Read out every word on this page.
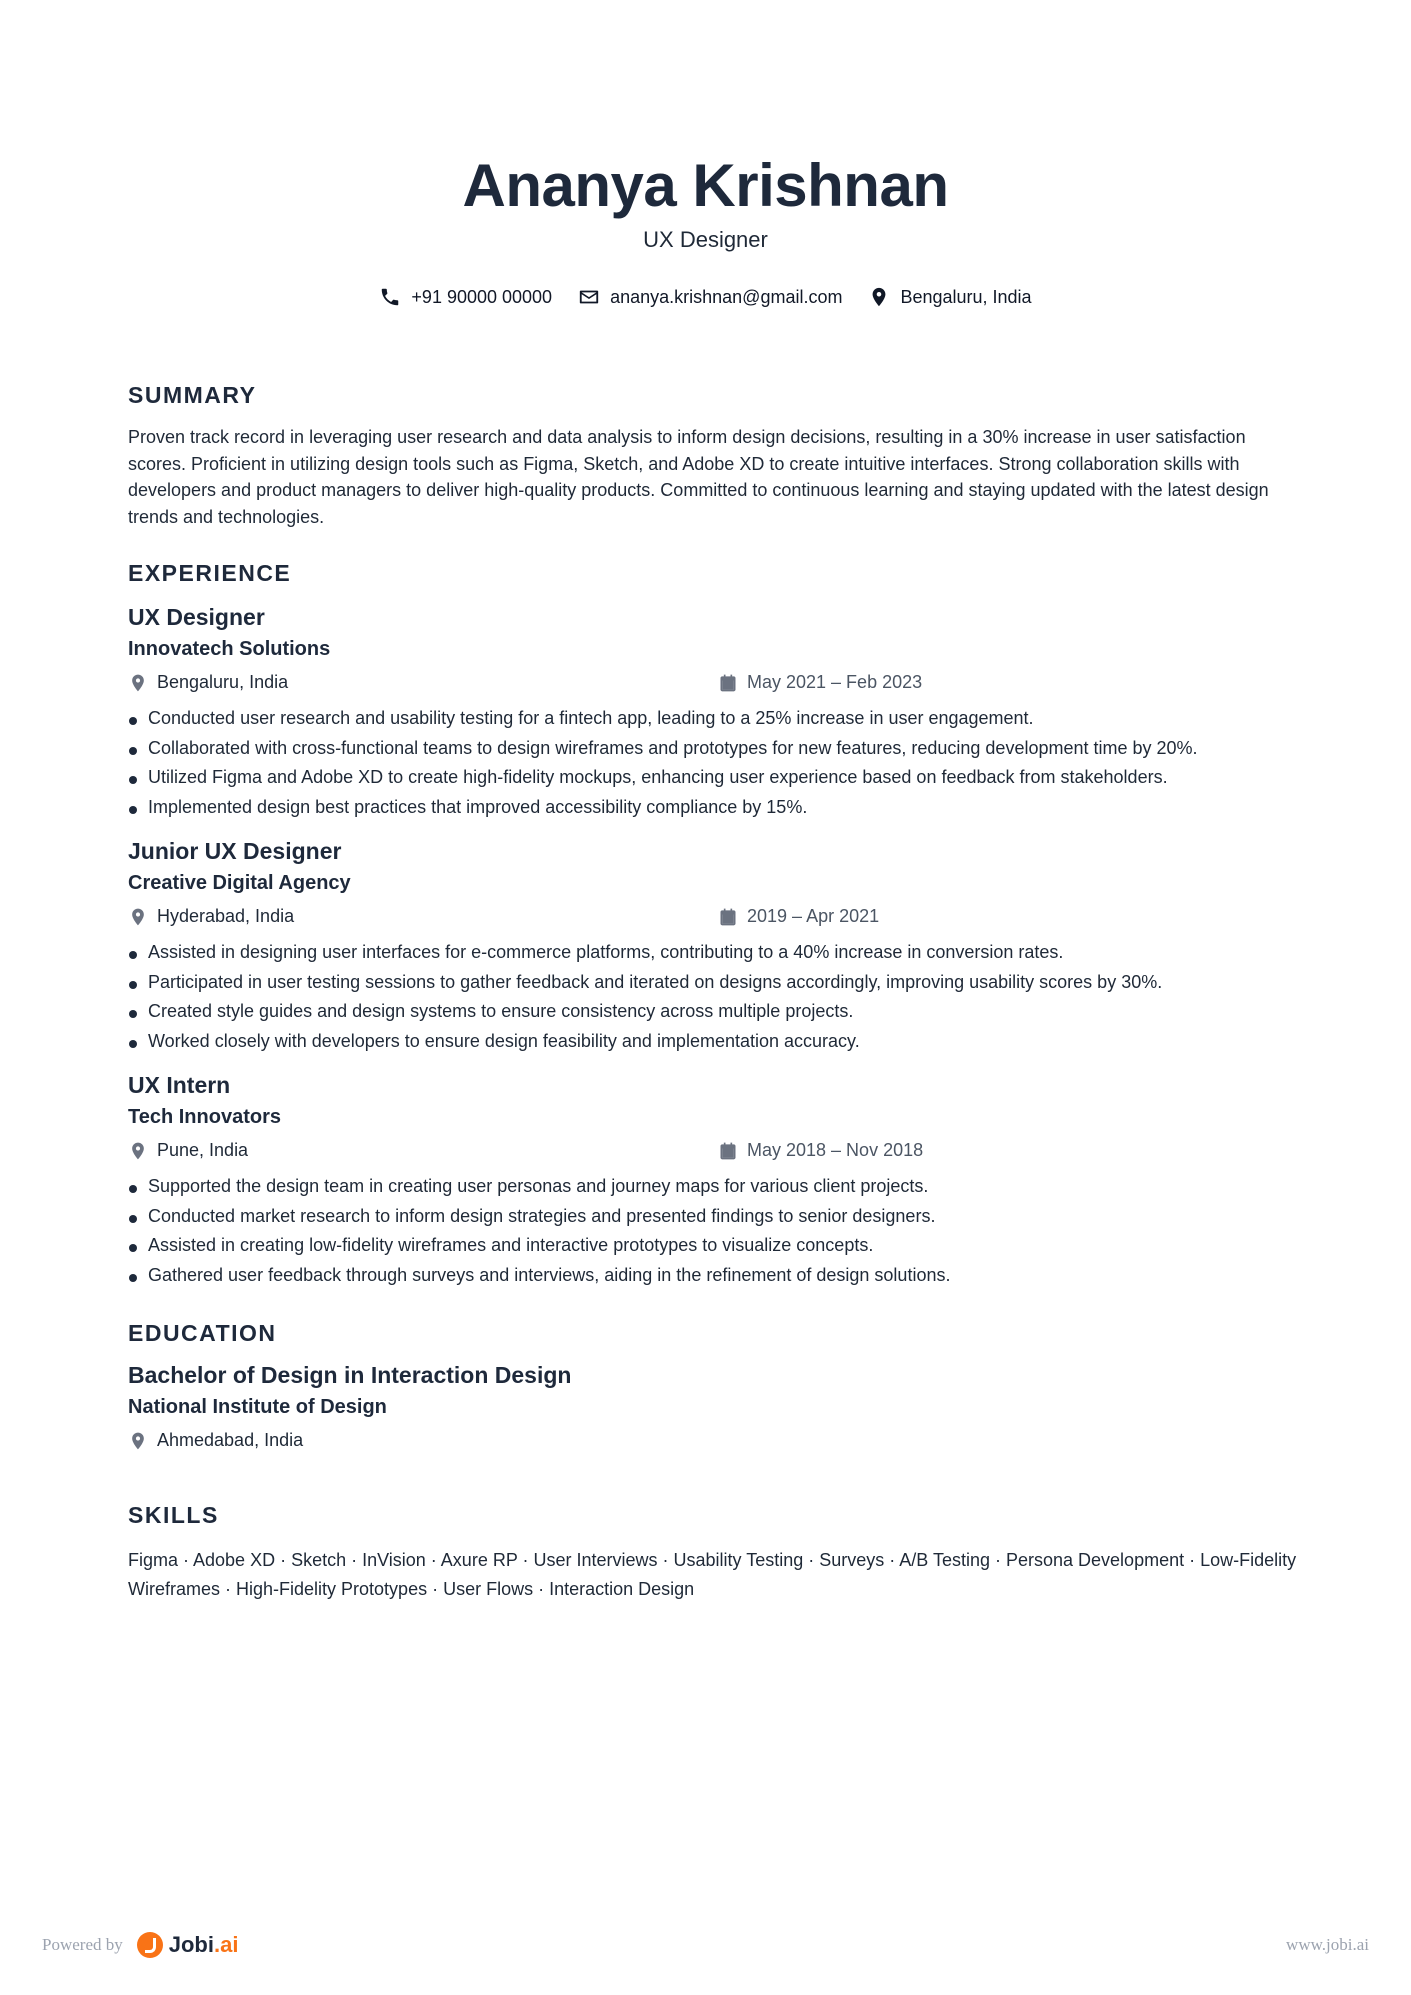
Ananya Krishnan
UX Designer
+91 90000 00000	ananya.krishnan@gmail.com	Bengaluru, India
SUMMARY

Proven track record in leveraging user research and data analysis to inform design decisions, resulting in a 30% increase in user satisfaction scores. Proficient in utilizing design tools such as Figma, Sketch, and Adobe XD to create intuitive interfaces. Strong collaboration skills with developers and product managers to deliver high-quality products. Committed to continuous learning and staying updated with the latest design trends and technologies.

EXPERIENCE
UX Designer
Innovatech Solutions
Bengaluru, India	May 2021 – Feb 2023
Conducted user research and usability testing for a fintech app, leading to a 25% increase in user engagement.
Collaborated with cross-functional teams to design wireframes and prototypes for new features, reducing development time by 20%.
Utilized Figma and Adobe XD to create high-fidelity mockups, enhancing user experience based on feedback from stakeholders.
Implemented design best practices that improved accessibility compliance by 15%.
Junior UX Designer
Creative Digital Agency
Hyderabad, India	2019 – Apr 2021
Assisted in designing user interfaces for e-commerce platforms, contributing to a 40% increase in conversion rates.
Participated in user testing sessions to gather feedback and iterated on designs accordingly, improving usability scores by 30%.
Created style guides and design systems to ensure consistency across multiple projects.
Worked closely with developers to ensure design feasibility and implementation accuracy.
UX Intern
Tech Innovators
Pune, India	May 2018 – Nov 2018
Supported the design team in creating user personas and journey maps for various client projects.
Conducted market research to inform design strategies and presented findings to senior designers.
Assisted in creating low-fidelity wireframes and interactive prototypes to visualize concepts.
Gathered user feedback through surveys and interviews, aiding in the refinement of design solutions.
EDUCATION
Bachelor of Design in Interaction Design
National Institute of Design
Ahmedabad, India
SKILLS

Figma · Adobe XD · Sketch · InVision · Axure RP · User Interviews · Usability Testing · Surveys · A/B Testing · Persona Development · Low-Fidelity Wireframes · High-Fidelity Prototypes · User Flows · Interaction Design

Powered by Jobi .ai	www.jobi.ai
